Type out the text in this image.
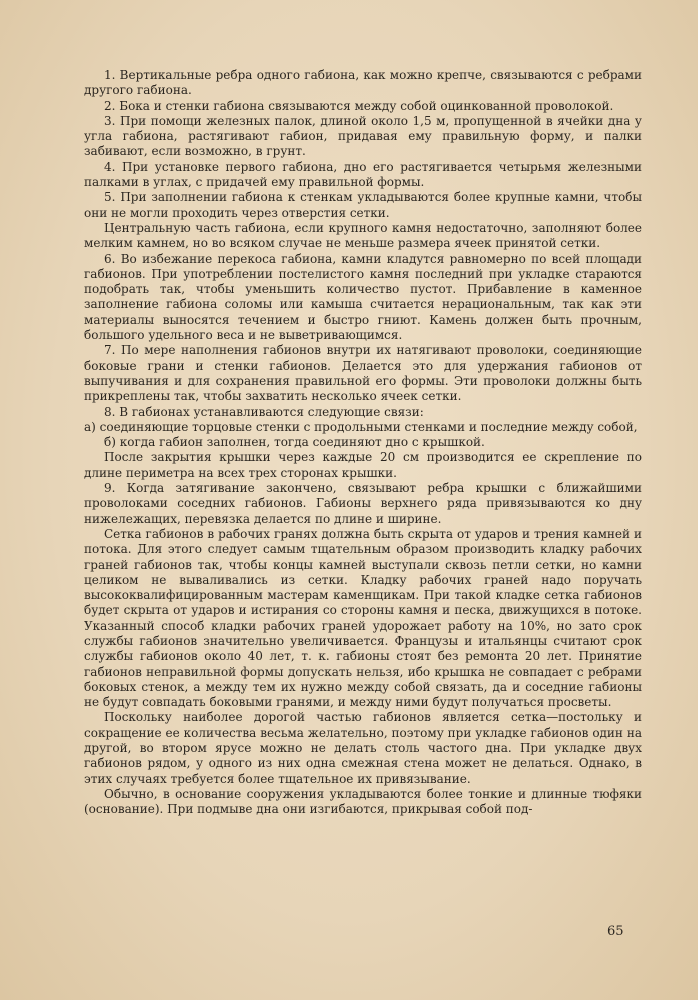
1. Вертикальные ребра одного габиона, как можно крепче, связываются с ребрами другого габиона.

2. Бока и стенки габиона связываются между собой оцинкованной проволокой.

3. При помощи железных палок, длиной около 1,5 м, пропущенной в ячейки дна у угла габиона, растягивают габион, придавая ему правильную форму, и палки забивают, если возможно, в грунт.

4. При установке первого габиона, дно его растягивается четырьмя железными палками в углах, с придачей ему правильной формы.

5. При заполнении габиона к стенкам укладываются более крупные камни, чтобы они не могли проходить через отверстия сетки.

Центральную часть габиона, если крупного камня недостаточно, заполняют более мелким камнем, но во всяком случае не меньше размера ячеек принятой сетки.

6. Во избежание перекоса габиона, камни кладутся равномерно по всей площади габионов. При употреблении постелистого камня последний при укладке стараются подобрать так, чтобы уменьшить количество пустот. Прибавление в каменное заполнение габиона соломы или камыша считается нерациональным, так как эти материалы выносятся течением и быстро гниют. Камень должен быть прочным, большого удельного веса и не выветривающимся.

7. По мере наполнения габионов внутри их натягивают проволоки, соединяющие боковые грани и стенки габионов. Делается это для удержания габионов от выпучивания и для сохранения правильной его формы. Эти проволоки должны быть прикреплены так, чтобы захватить несколько ячеек сетки.

8. В габионах устанавливаются следующие связи:

а) соединяющие торцовые стенки с продольными стенками и последние между собой,

б) когда габион заполнен, тогда соединяют дно с крышкой.

После закрытия крышки через каждые 20 см производится ее скрепление по длине периметра на всех трех сторонах крышки.

9. Когда затягивание закончено, связывают ребра крышки с ближайшими проволоками соседних габионов. Габионы верхнего ряда привязываются ко дну нижележащих, перевязка делается по длине и ширине.

Сетка габионов в рабочих гранях должна быть скрыта от ударов и трения камней и потока. Для этого следует самым тщательным образом производить кладку рабочих граней габионов так, чтобы концы камней выступали сквозь петли сетки, но камни целиком не вываливались из сетки. Кладку рабочих граней надо поручать высококвалифицированным мастерам каменщикам. При такой кладке сетка габионов будет скрыта от ударов и истирания со стороны камня и песка, движущихся в потоке. Указанный способ кладки рабочих граней удорожает работу на 10%, но зато срок службы габионов значительно увеличивается. Французы и итальянцы считают срок службы габионов около 40 лет, т. к. габионы стоят без ремонта 20 лет. Принятие габионов неправильной формы допускать нельзя, ибо крышка не совпадает с ребрами боковых стенок, а между тем их нужно между собой связать, да и соседние габионы не будут совпадать боковыми гранями, и между ними будут получаться просветы.

Поскольку наиболее дорогой частью габионов является сетка—постольку и сокращение ее количества весьма желательно, поэтому при укладке габионов один на другой, во втором ярусе можно не делать столь частого дна. При укладке двух габионов рядом, у одного из них одна смежная стена может не делаться. Однако, в этих случаях требуется более тщательное их привязывание.

Обычно, в основание сооружения укладываются более тонкие и длинные тюфяки (основание). При подмыве дна они изгибаются, прикрывая собой под-

65
